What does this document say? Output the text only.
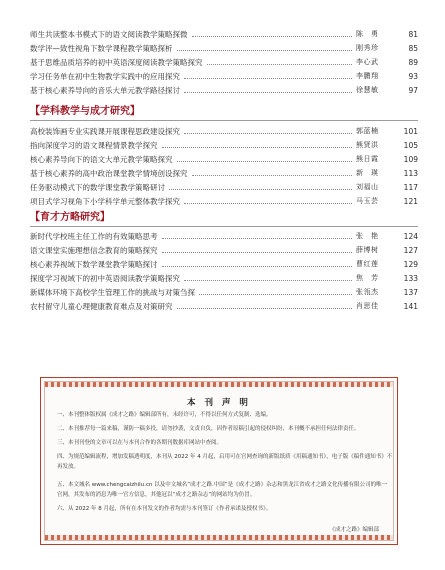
师生共读整本书模式下的语文阅读教学策略探微	陈　勇	81
数学评—致性视角下数学课程教学策略探析	刚秀珍	85
基于思维品质培养的初中英语深度阅读教学策略探究	李心武	89
学习任务单在初中生物教学实践中的应用探究	李鹏翔	93
基于核心素养导向的音乐大单元教学路径探讨	徐慧敏	97
【学科教学与成才研究】
高校装饰画专业实践课开展课程思政建设探究	郭蓝楠	101
指向深度学习的语文课程情景教学探究	熊贤洪	105
核心素养导向下的语文大单元教学策略探究	熊日霞	109
基于核心素养的高中政治课堂教学情境创设探究	新　瑛	113
任务驱动模式下的数学课堂教学策略研讨	刘福山	117
项目式学习视角下小学科学单元整体教学探究	马玉芸	121
【育才方略研究】
新时代学校班主任工作的有效策略思考	张　艳	124
语文课堂实施理想信念教育的策略探究	薛博树	127
核心素养视域下数学课堂教学策略探讨	曹红莲	129
探度学习视域下的初中英语阅读教学策略探究	焦　芳	133
新媒体环境下高校学生管理工作的挑战与对策刍探	张瓴杰	137
农村留守儿童心理健康教育难点及对策研究	肖思佳	141
本 刊 声 明
一、本刊整体版权属《成才之路》编辑部所有，未经许可，不得以任何方式复制、选编。
二、本刊推荐每一篇来稿，谨防一稿多投，请勿抄袭，文责自负，因作者原稿引起的侵权纠纷，本刊概不承担任何法律责任。
三、本刊刊登的文章可以在与本刊合作的各期刊数据库网站中查阅。
四、为规范编辑流程，增加发稿透明度，本刊从 2022 年 4 月起，启用可在官网查询的新版纸质《用稿通知书》，电子版《稿件通知书》不
再发放。
五、本文城名 www.chengcaizhilu.cn 以及中文城名“成才之路.中国”是《成才之路》杂志和黑龙江省成才之路文化传播有限公司的唯一
官网，其发布的消息为唯一官方信息，其他冠以“成才之路杂志”的网站均为仿冒。
六、从 2022 年 8 月起，所有在本刊发文的作者均需与本刊签订《作者承诺及授权书》。
《成才之路》编辑部
